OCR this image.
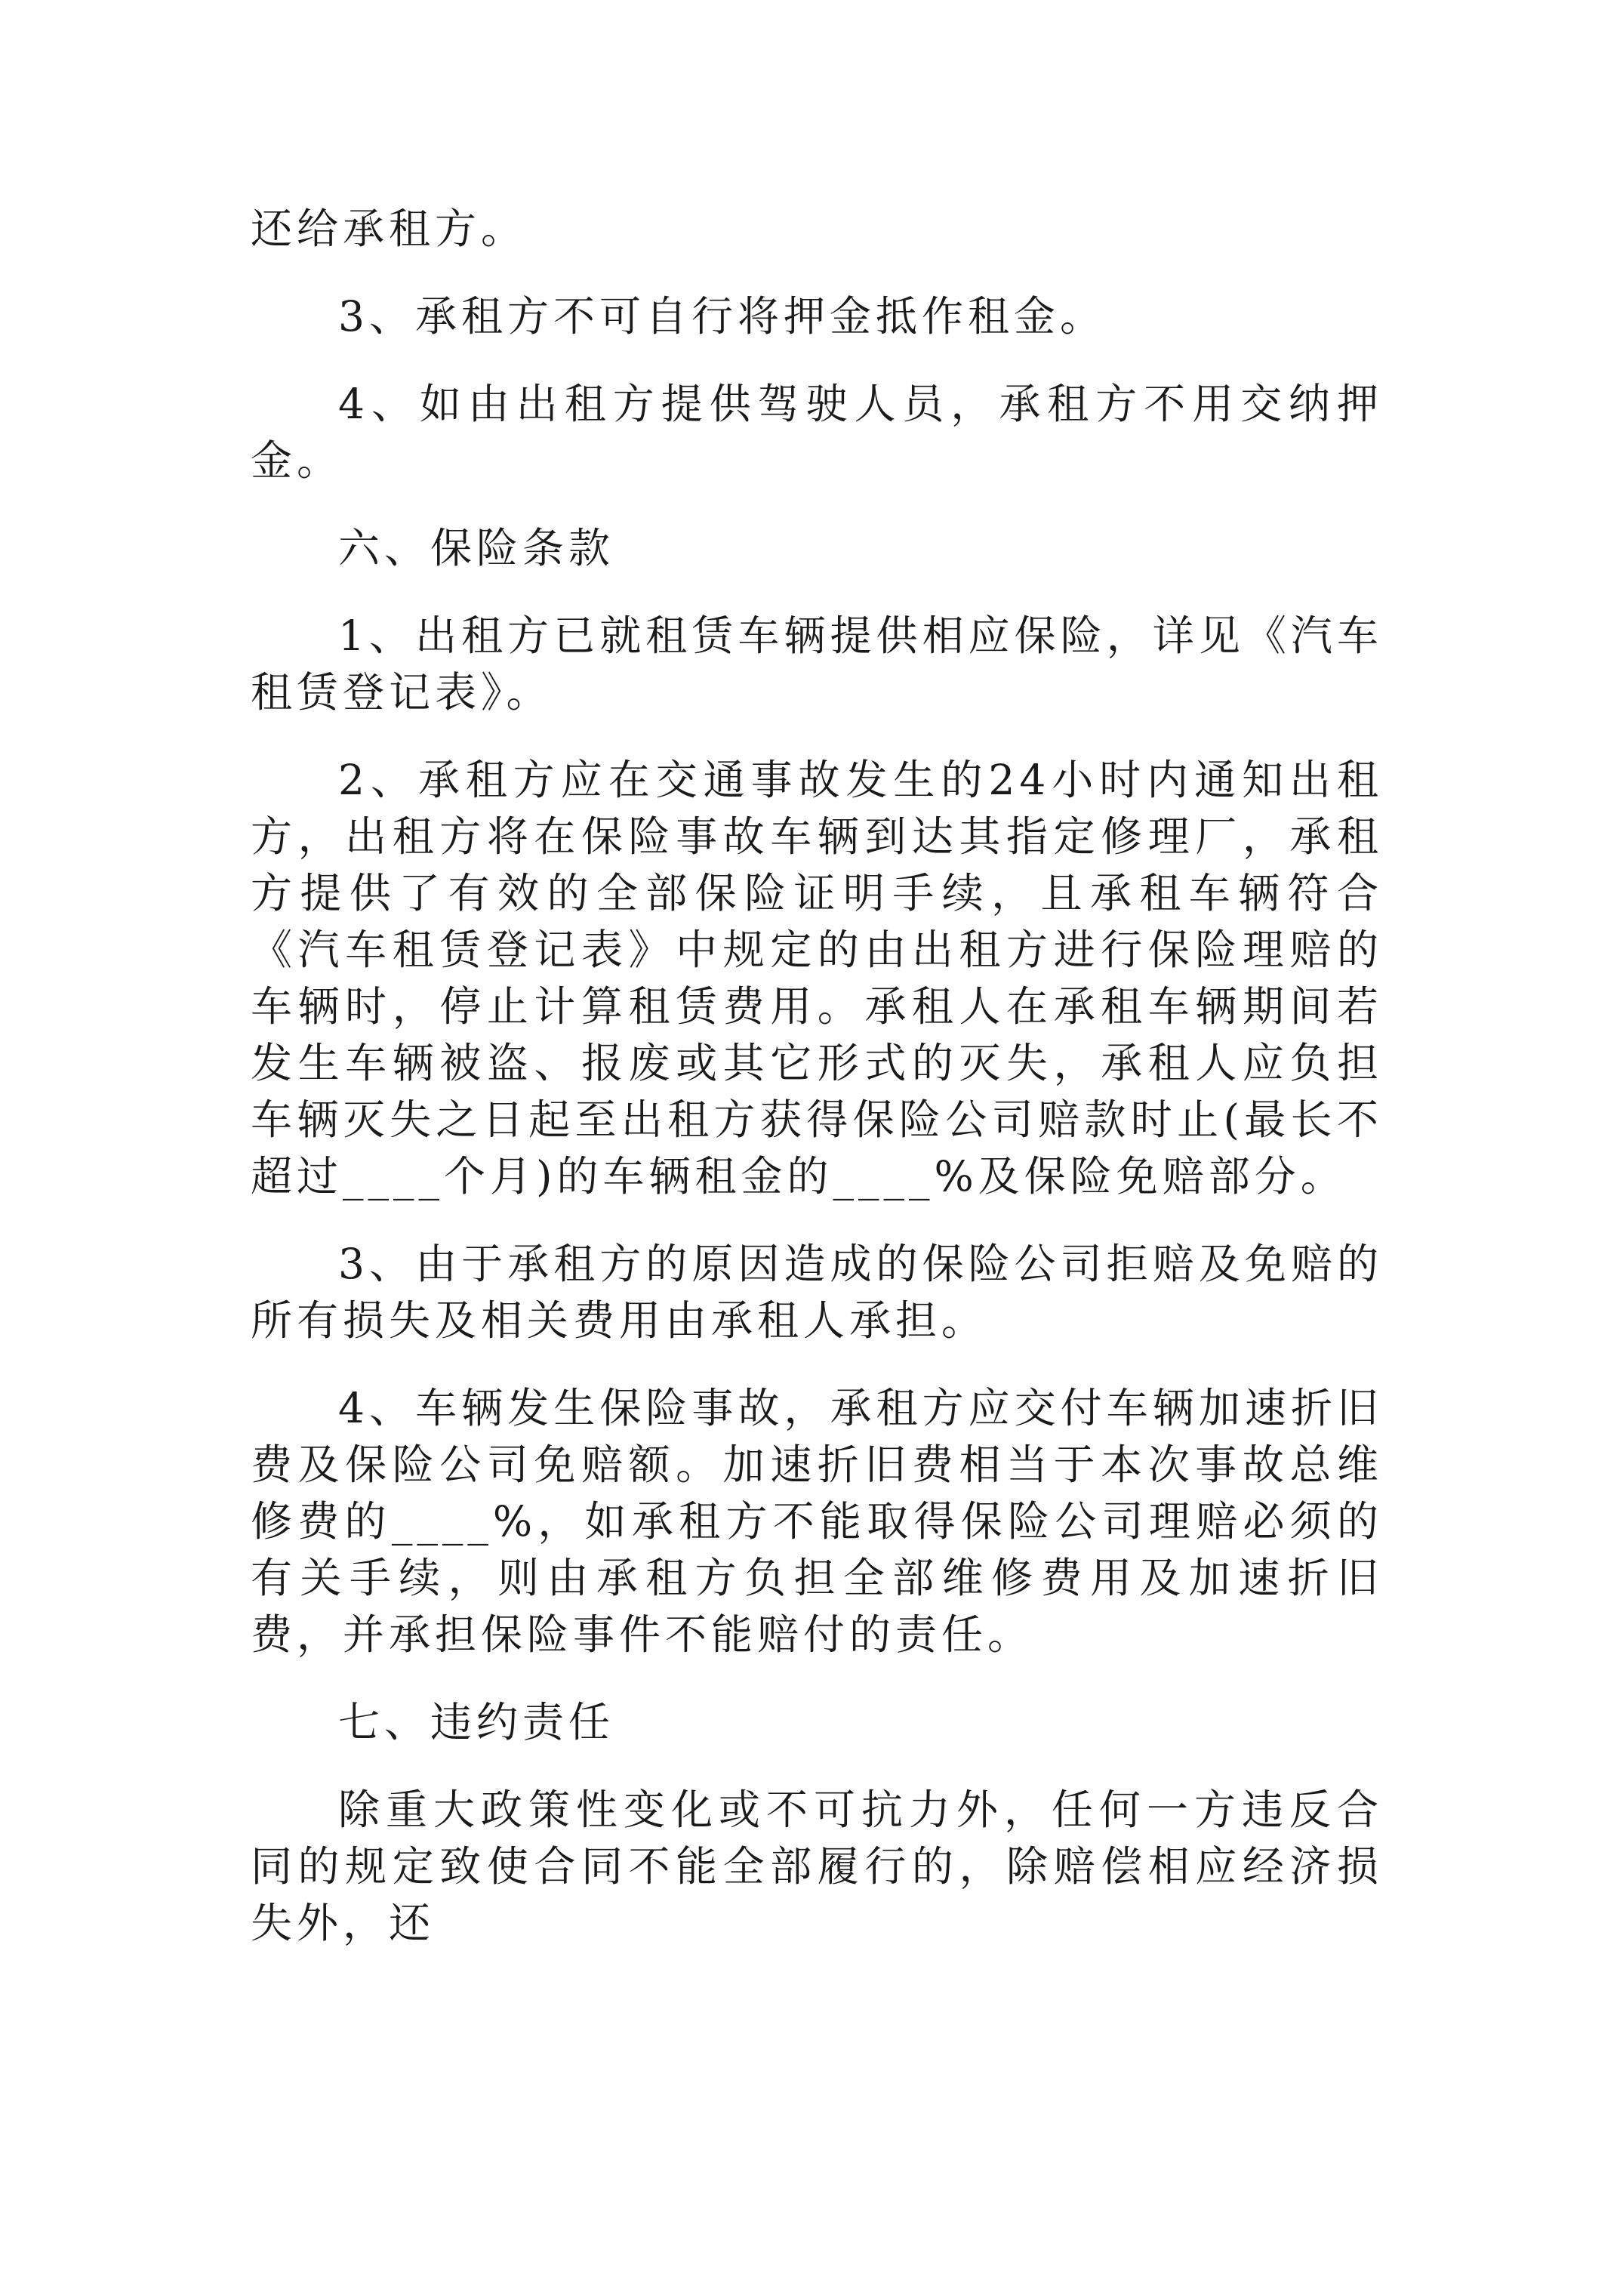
还给承租方。

3、承租方不可自行将押金抵作租金。

4、如由出租方提供驾驶人员，承租方不用交纳押金。

六、保险条款

1、出租方已就租赁车辆提供相应保险，详见《汽车租赁登记表》。

2、承租方应在交通事故发生的24小时内通知出租方，出租方将在保险事故车辆到达其指定修理厂，承租方提供了有效的全部保险证明手续，且承租车辆符合《汽车租赁登记表》中规定的由出租方进行保险理赔的车辆时，停止计算租赁费用。承租人在承租车辆期间若发生车辆被盗、报废或其它形式的灭失，承租人应负担车辆灭失之日起至出租方获得保险公司赔款时止(最长不超过____个月)的车辆租金的____%及保险免赔部分。

3、由于承租方的原因造成的保险公司拒赔及免赔的所有损失及相关费用由承租人承担。

4、车辆发生保险事故，承租方应交付车辆加速折旧费及保险公司免赔额。加速折旧费相当于本次事故总维修费的____%，如承租方不能取得保险公司理赔必须的有关手续，则由承租方负担全部维修费用及加速折旧费，并承担保险事件不能赔付的责任。

七、违约责任

除重大政策性变化或不可抗力外，任何一方违反合同的规定致使合同不能全部履行的，除赔偿相应经济损失外，还
